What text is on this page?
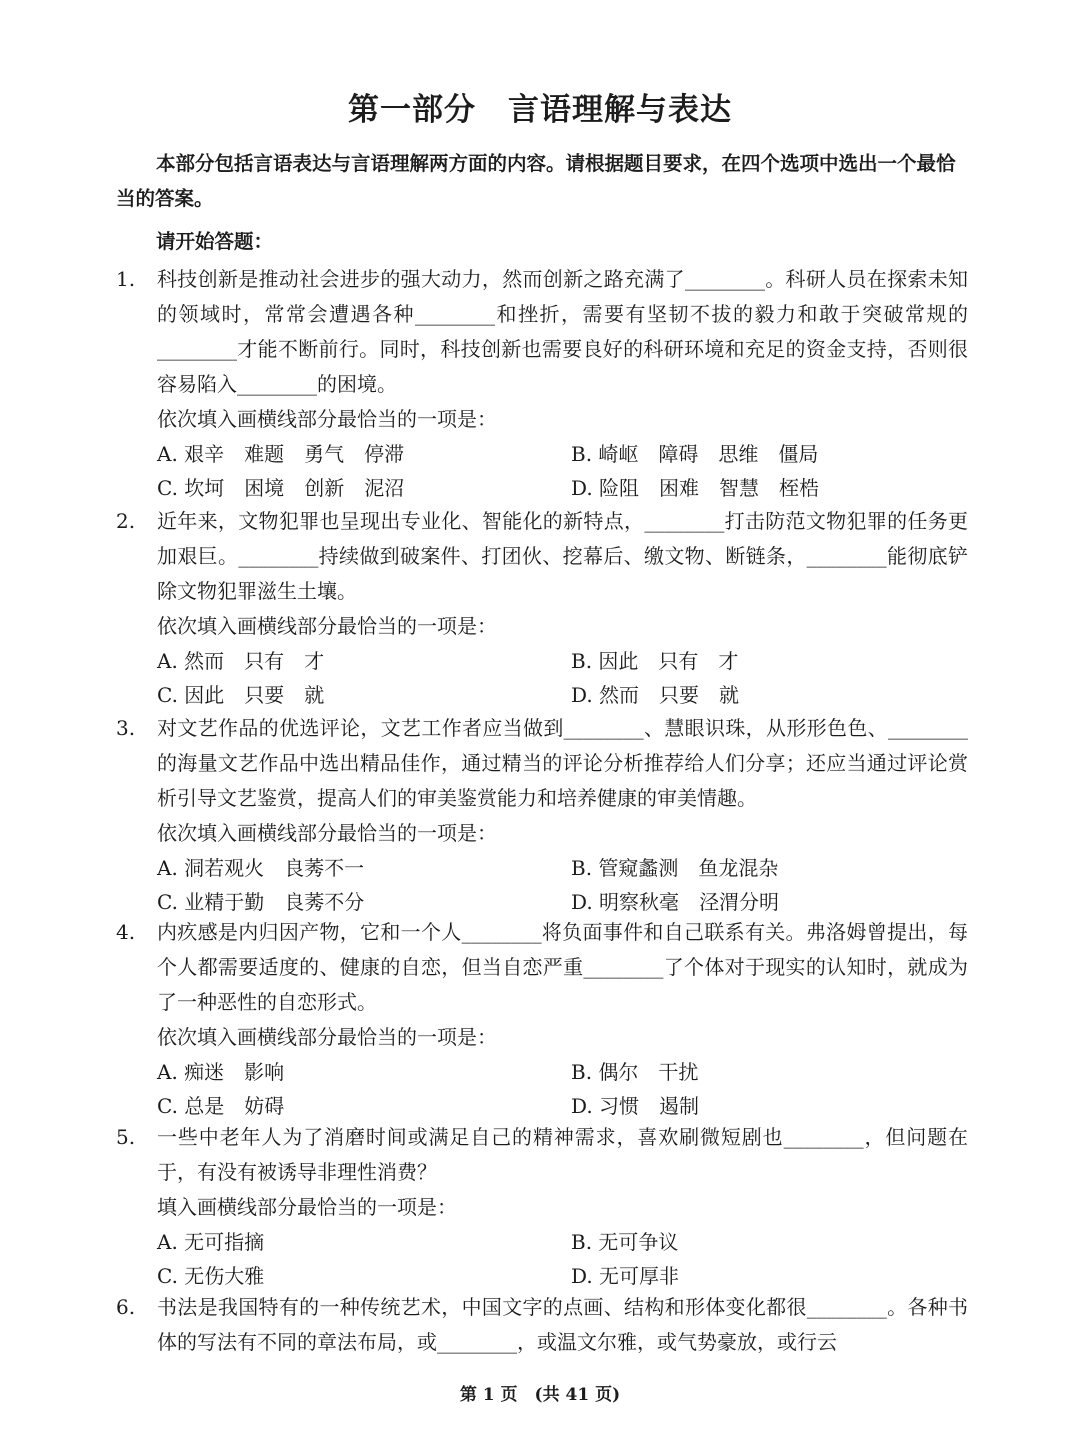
第一部分　言语理解与表达
本部分包括言语表达与言语理解两方面的内容。请根据题目要求，在四个选项中选出一个最恰当的答案。
请开始答题：
1.	科技创新是推动社会进步的强大动力，然而创新之路充满了________。科研人员在探索未知的领域时，常常会遭遇各种________和挫折，需要有坚韧不拔的毅力和敢于突破常规的________才能不断前行。同时，科技创新也需要良好的科研环境和充足的资金支持，否则很容易陷入________的困境。
依次填入画横线部分最恰当的一项是：
A. 艰辛　难题　勇气　停滞	B. 崎岖　障碍　思维　僵局
C. 坎坷　困境　创新　泥沼	D. 险阻　困难　智慧　桎梏
2.	近年来，文物犯罪也呈现出专业化、智能化的新特点，________打击防范文物犯罪的任务更加艰巨。________持续做到破案件、打团伙、挖幕后、缴文物、断链条，________能彻底铲除文物犯罪滋生土壤。
依次填入画横线部分最恰当的一项是：
A. 然而　只有　才	B. 因此　只有　才
C. 因此　只要　就	D. 然而　只要　就
3.	对文艺作品的优选评论，文艺工作者应当做到________、慧眼识珠，从形形色色、________的海量文艺作品中选出精品佳作，通过精当的评论分析推荐给人们分享；还应当通过评论赏析引导文艺鉴赏，提高人们的审美鉴赏能力和培养健康的审美情趣。
依次填入画横线部分最恰当的一项是：
A. 洞若观火　良莠不一	B. 管窥蠡测　鱼龙混杂
C. 业精于勤　良莠不分	D. 明察秋毫　泾渭分明
4.	内疚感是内归因产物，它和一个人________将负面事件和自己联系有关。弗洛姆曾提出，每个人都需要适度的、健康的自恋，但当自恋严重________了个体对于现实的认知时，就成为了一种恶性的自恋形式。
依次填入画横线部分最恰当的一项是：
A. 痴迷　影响	B. 偶尔　干扰
C. 总是　妨碍	D. 习惯　遏制
5.	一些中老年人为了消磨时间或满足自己的精神需求，喜欢刷微短剧也________，但问题在于，有没有被诱导非理性消费？
填入画横线部分最恰当的一项是：
A. 无可指摘	B. 无可争议
C. 无伤大雅	D. 无可厚非
6.	书法是我国特有的一种传统艺术，中国文字的点画、结构和形体变化都很________。各种书体的写法有不同的章法布局，或________，或温文尔雅，或气势豪放，或行云
第 1 页　(共 41 页)
